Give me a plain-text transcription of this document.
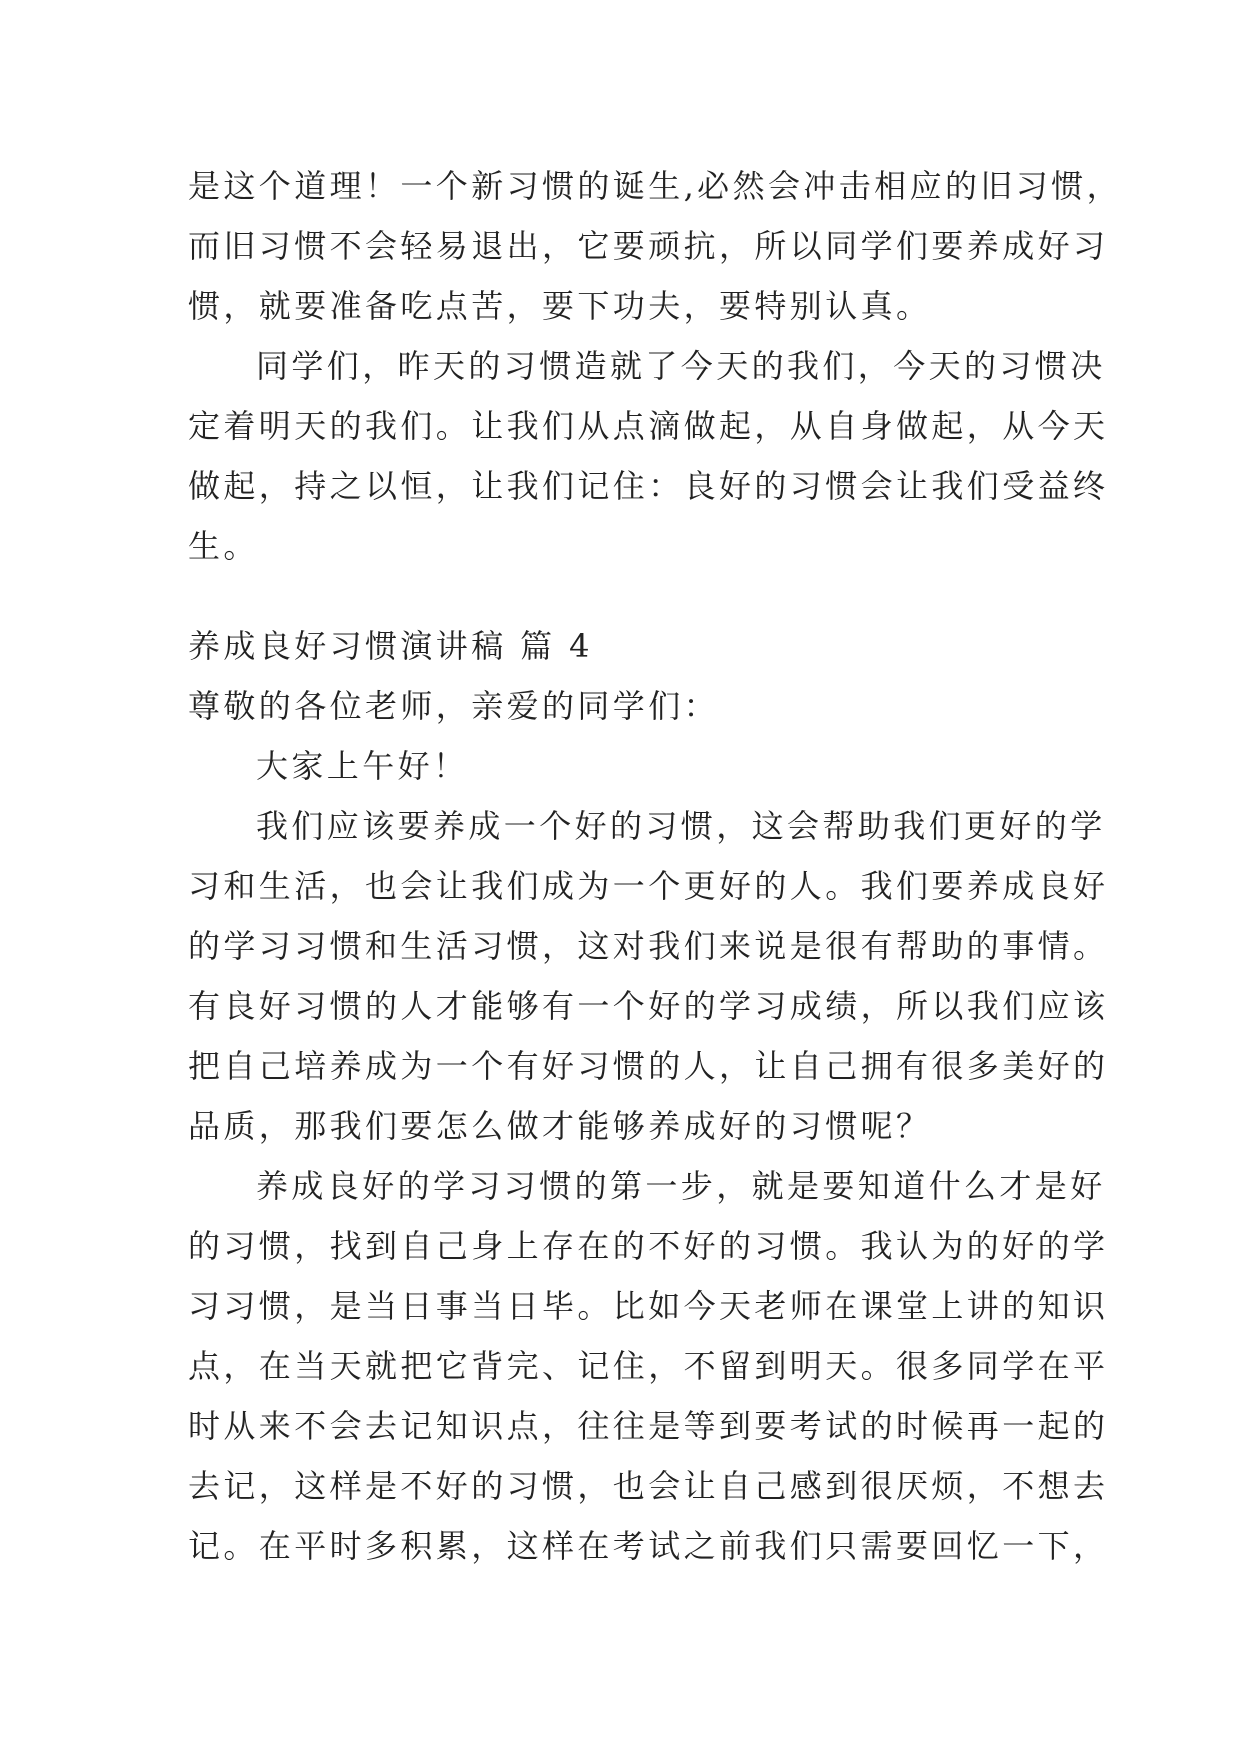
是这个道理！一个新习惯的诞生,必然会冲击相应的旧习惯，
而旧习惯不会轻易退出，它要顽抗，所以同学们要养成好习
惯，就要准备吃点苦，要下功夫，要特别认真。
同学们，昨天的习惯造就了今天的我们，今天的习惯决
定着明天的我们。让我们从点滴做起，从自身做起，从今天
做起，持之以恒，让我们记住：良好的习惯会让我们受益终
生。
养成良好习惯演讲稿 篇 4
尊敬的各位老师，亲爱的同学们：
大家上午好！
我们应该要养成一个好的习惯，这会帮助我们更好的学
习和生活，也会让我们成为一个更好的人。我们要养成良好
的学习习惯和生活习惯，这对我们来说是很有帮助的事情。
有良好习惯的人才能够有一个好的学习成绩，所以我们应该
把自己培养成为一个有好习惯的人，让自己拥有很多美好的
品质，那我们要怎么做才能够养成好的习惯呢？
养成良好的学习习惯的第一步，就是要知道什么才是好
的习惯，找到自己身上存在的不好的习惯。我认为的好的学
习习惯，是当日事当日毕。比如今天老师在课堂上讲的知识
点，在当天就把它背完、记住，不留到明天。很多同学在平
时从来不会去记知识点，往往是等到要考试的时候再一起的
去记，这样是不好的习惯，也会让自己感到很厌烦，不想去
记。在平时多积累，这样在考试之前我们只需要回忆一下，
